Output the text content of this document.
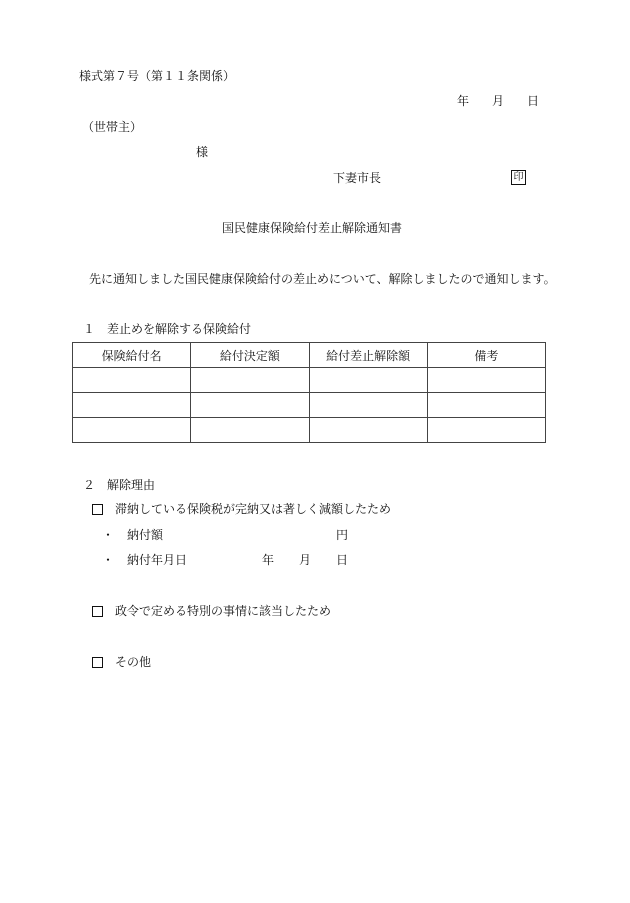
様式第７号（第１１条関係）
年 月 日
（世帯主）
様
下妻市長	印
国民健康保険給付差止解除通知書
先に通知しました国民健康保険給付の差止めについて、解除しましたので通知します。
１　差止めを解除する保険給付
保険給付名	給付決定額	給付差止解除額	備考

２　解除理由
滞納している保険税が完納又は著しく減額したため
・ 納付額	円
・ 納付年月日	年 月 日
政令で定める特別の事情に該当したため
その他
